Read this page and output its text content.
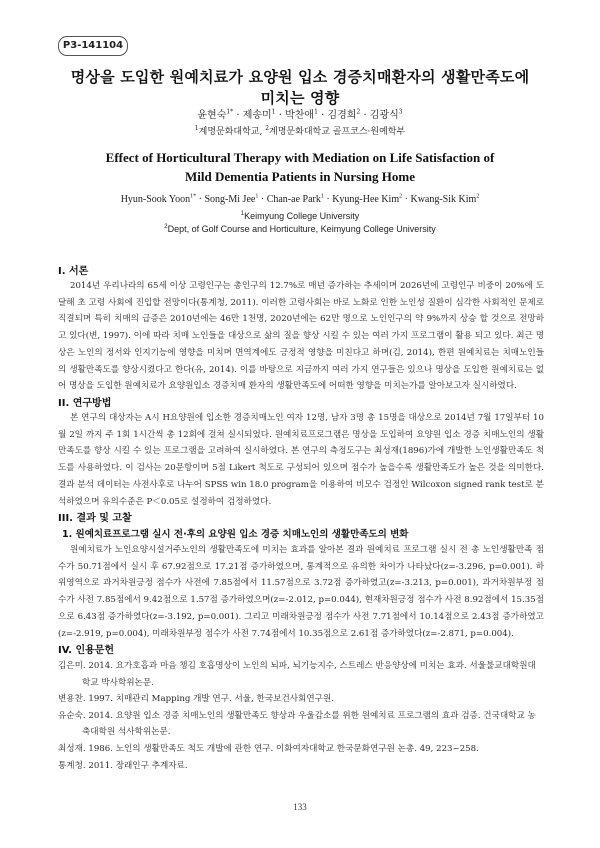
P3-141104
명상을 도입한 원예치료가 요양원 입소 경증치매환자의 생활만족도에
미치는 영향
윤현숙$^{1*}$ · 제송미$^1$ · 박찬애$^1$ · 김경희$^2$ · 김광식$^3$
$^1$계명문화대학교, $^2$계명문화대학교 골프코스·원예학부
Effect of Horticultural Therapy with Mediation on Life Satisfaction of
Mild Dementia Patients in Nursing Home
Hyun-Sook Yoon$^{1*}$ · Song-Mi Jee$^1$ · Chan-ae Park$^1$ · Kyung-Hee Kim$^2$ · Kwang-Sik Kim$^2$
$^1$Keimyung College University
$^2$Dept, of Golf Course and Horticulture, Keimyung College University
I. 서론
2014년 우리나라의 65세 이상 고령인구는 총인구의 12.7%로 매년 증가하는 추세이며 2026년에 고령인구 비중이 20%에 도달해 초 고령 사회에 진입할 전망이다(통계청, 2011). 이러한 고령사회는 바로 노화로 인한 노인성 질환이 심각한 사회적인 문제로 직결되며 특히 치매의 급증은 2010년에는 46만 1천명, 2020년에는 62만 명으로 노인인구의 약 9%까지 상승 할 것으로 전망하고 있다(변, 1997). 이에 따라 치매 노인들을 대상으로 삶의 질을 향상 시킬 수 있는 여러 가지 프로그램이 활용 되고 있다. 최근 명상은 노인의 정서와 인지기능에 영향을 미치며 면역계에도 긍정적 영향을 미친다고 하며(김, 2014), 한편 원예치료는 치매노인들의 생활만족도를 향상시켰다고 한다(유, 2014). 이를 바탕으로 지금까지 여러 가지 연구들은 있으나 명상을 도입한 원예치료는 없어 명상을 도입한 원예치료가 요양원입소 경증치매 환자의 생활만족도에 어떠한 영향을 미치는가를 알아보고자 실시하였다.
II. 연구방법
본 연구의 대상자는 A시 H요양원에 입소한 경증치매노인 여자 12명, 남자 3명 총 15명을 대상으로 2014년 7월 17일부터 10월 2일 까지 주 1회 1시간씩 총 12회에 걸쳐 실시되었다. 원예치료프로그램은 명상을 도입하여 요양원 입소 경증 치매노인의 생활만족도를 향상 시킬 수 있는 프로그램을 고려하여 실시하였다. 본 연구의 측정도구는 최성재(1896)가에 개발한 노인생활만족도 척도를 사용하였다. 이 검사는 20문항이며 5점 Likert 척도로 구성되어 있으며 점수가 높을수록 생활만족도가 높은 것을 의미한다. 결과 분석 데이터는 사전사후로 나누어 SPSS win 18.0 program을 이용하여 비모수 검정인 Wilcoxon signed rank test로 분석하였으며 유의수준은 P＜0.05로 설정하여 검정하였다.
III. 결과 및 고찰
1. 원예치료프로그램 실시 전·후의 요양원 입소 경증 치매노인의 생활만족도의 변화
원예치료가 노인요양시설거주노인의 생활만족도에 미치는 효과를 알아본 결과 원예치료 프로그램 실시 전 총 노인생활만족 점수가 50.71점에서 실시 후 67.92점으로 17.21점 증가하였으며, 통계적으로 유의한 차이가 나타났다(z=-3.296, p=0.001). 하위영역으로 과거차원긍정 점수가 사전에 7.85점에서 11.57점으로 3.72점 증가하였고(z=-3.213, p=0.001), 과거차원부정 점수가 사전 7.85점에서 9.42점으로 1.57점 증가하였으며(z=-2.012, p=0.044), 현재차원긍정 점수가 사전 8.92점에서 15.35점으로 6.43점 증가하였다(z=-3.192, p=0.001). 그리고 미래차원긍정 점수가 사전 7.71점에서 10.14점으로 2.43점 증가하였고(z=-2.919, p=0.004), 미래차원부정 점수가 사전 7.74점에서 10.35점으로 2.61점 증가하였다(z=-2.871, p=0.004).
IV. 인용문헌
김은미. 2014. 요가호흡과 마음 챙김 호흡명상이 노인의 뇌파, 뇌기능지수, 스트레스 반응양상에 미치는 효과. 서울불교대학원대학교 박사학위논문.
변용찬. 1997. 치매관리 Mapping 개발 연구. 서울, 한국보건사회연구원.
유순숙. 2014. 요양원 입소 경증 치매노인의 생활만족도 향상과 우울감소를 위한 원예치료 프로그램의 효과 검증. 건국대학교 농축대학원 석사학위논문.
최성재. 1986. 노인의 생활만족도 척도 개발에 관한 연구. 이화여자대학교 한국문화연구원 논총. 49, 223~258.
통계청. 2011. 장래인구 추계자료.
133
